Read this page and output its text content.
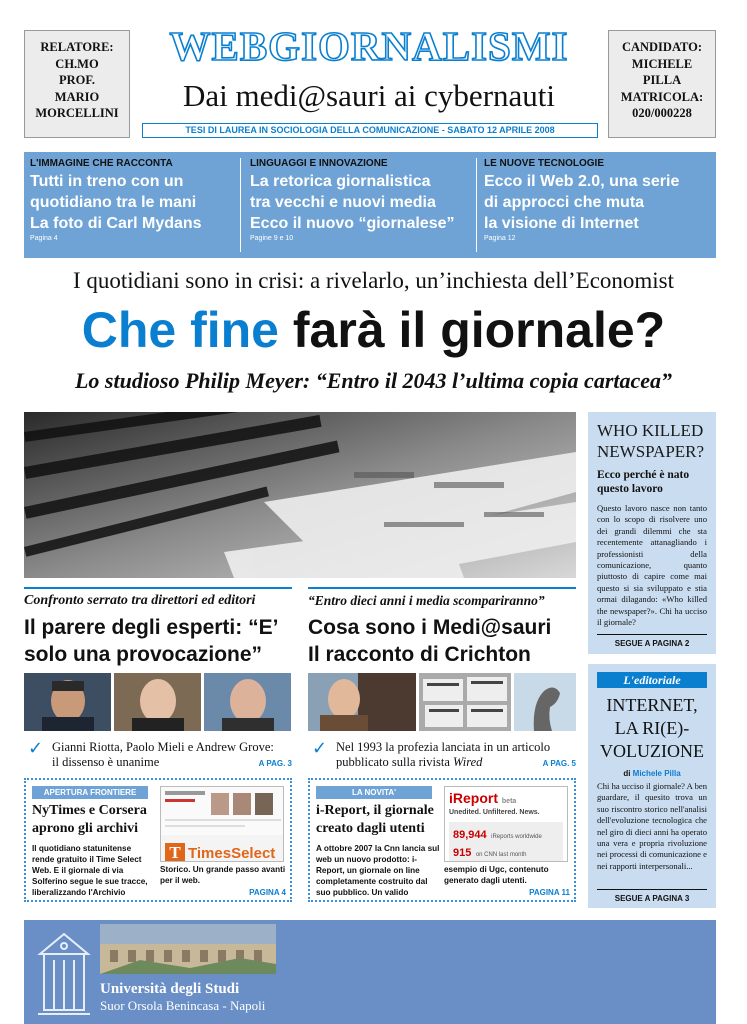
RELATORE:
CH.MO
PROF.
MARIO
MORCELLINI
WEBGIORNALISMI
Dai medi@sauri ai cybernauti
TESI DI LAUREA IN SOCIOLOGIA DELLA COMUNICAZIONE - SABATO 12 APRILE 2008
CANDIDATO:
MICHELE
PILLA
MATRICOLA:
020/000228
L'IMMAGINE CHE RACCONTA
Tutti in treno con un
quotidiano tra le mani
La foto di Carl Mydans
Pagina 4
LINGUAGGI E INNOVAZIONE
La retorica giornalistica
tra vecchi e nuovi media
Ecco il nuovo “giornalese”
Pagine 9 e 10
LE NUOVE TECNOLOGIE
Ecco il Web 2.0, una serie
di approcci che muta
la visione di Internet
Pagina 12
I quotidiani sono in crisi: a rivelarlo, un’inchiesta dell’Economist
Che fine farà il giornale?
Lo studioso Philip Meyer: “Entro il 2043 l’ultima copia cartacea”
WHO KILLED
NEWSPAPER?
Ecco perché è nato
questo lavoro
Questo lavoro nasce non tanto con lo scopo di risolvere uno dei grandi dilemmi che sta recentemente attanagliando i professionisti della comunicazione, quanto piuttosto di capire come mai questo si sia sviluppato e stia ormai dilagando: «Who killed the newspaper?». Chi ha ucciso il giornale?
SEGUE A PAGINA 2
Confronto serrato tra direttori ed editori
Il parere degli esperti: “E’
solo una provocazione”
✓ Gianni Riotta, Paolo Mieli e Andrew Grove:
il dissenso è unanime	A PAG. 3
“Entro dieci anni i media scompariranno”
Cosa sono i Medi@sauri
Il racconto di Crichton
✓ Nel 1993 la profezia lanciata in un articolo
pubblicato sulla rivista Wired	A PAG. 5
L'editoriale
INTERNET,
LA RI(E)-
VOLUZIONE
di Michele Pilla
Chi ha ucciso il giornale? A ben guardare, il quesito trova un suo riscontro storico nell'analisi dell'evoluzione tecnologica che nel giro di dieci anni ha operato una vera e propria rivoluzione nei processi di comunicazione e nei rapporti interpersonali...
SEGUE A PAGINA 3
APERTURA FRONTIERE
NyTimes e Corsera
aprono gli archivi
Il quotidiano statunitense rende gratuito il Time Select Web. E il giornale di via Solferino segue le sue tracce, liberalizzando l'Archivio
T TimesSelect
Storico. Un grande passo avanti per il web.
PAGINA 4
LA NOVITA'
i-Report, il giornale
creato dagli utenti
A ottobre 2007 la Cnn lancia sul web un nuovo prodotto: i-Report, un giornale on line completamente costruito dal suo pubblico. Un valido
iReport beta
Unedited. Unfiltered. News.
89,944 iReports worldwide
915 on CNN last month
esempio di Ugc, contenuto generato dagli utenti.
PAGINA 11
Università degli Studi
Suor Orsola Benincasa - Napoli
